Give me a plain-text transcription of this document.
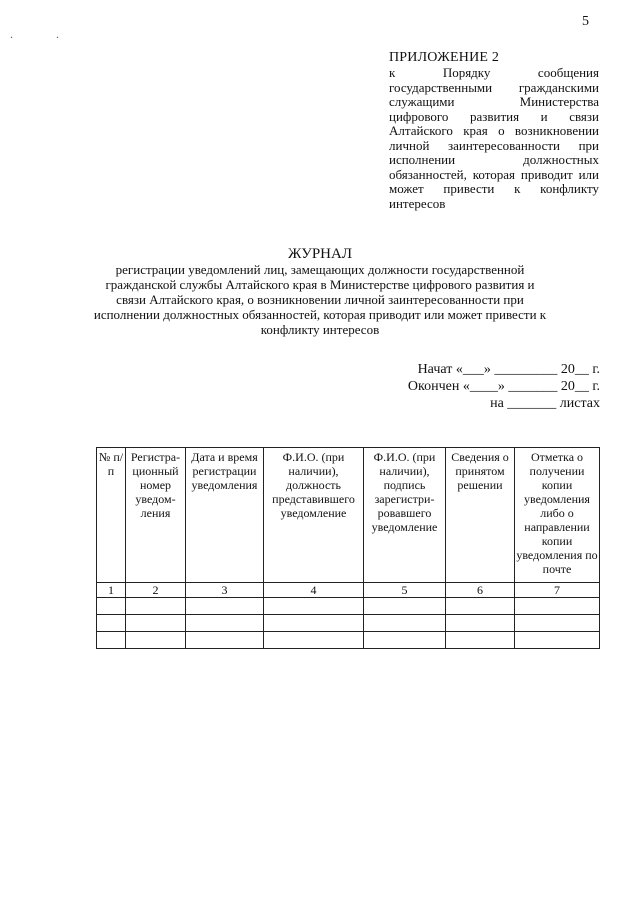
5
. .
ПРИЛОЖЕНИЕ 2
к Порядку сообщения государственными гражданскими служащими Министерства цифрового развития и связи Алтайского края о возникновении личной заинтересованности при исполнении должностных обязанностей, которая приводит или может привести к конфликту интересов
ЖУРНАЛ
регистрации уведомлений лиц, замещающих должности государственной гражданской службы Алтайского края в Министерстве цифрового развития и связи Алтайского края, о возникновении личной заинтересованности при исполнении должностных обязанностей, которая приводит или может привести к конфликту интересов
Начат «___» _________ 20__ г.
Окончен «____» _______ 20__ г.
на _______ листах
№ п/п	Регистра-ционный номер уведом-ления	Дата и время регистрации уведомления	Ф.И.О. (при наличии), должность представившего уведомление	Ф.И.О. (при наличии), подпись зарегистри-ровавшего уведомление	Сведения о принятом решении	Отметка о получении копии уведомления либо о направлении копии уведомления по почте
1	2	3	4	5	6	7
